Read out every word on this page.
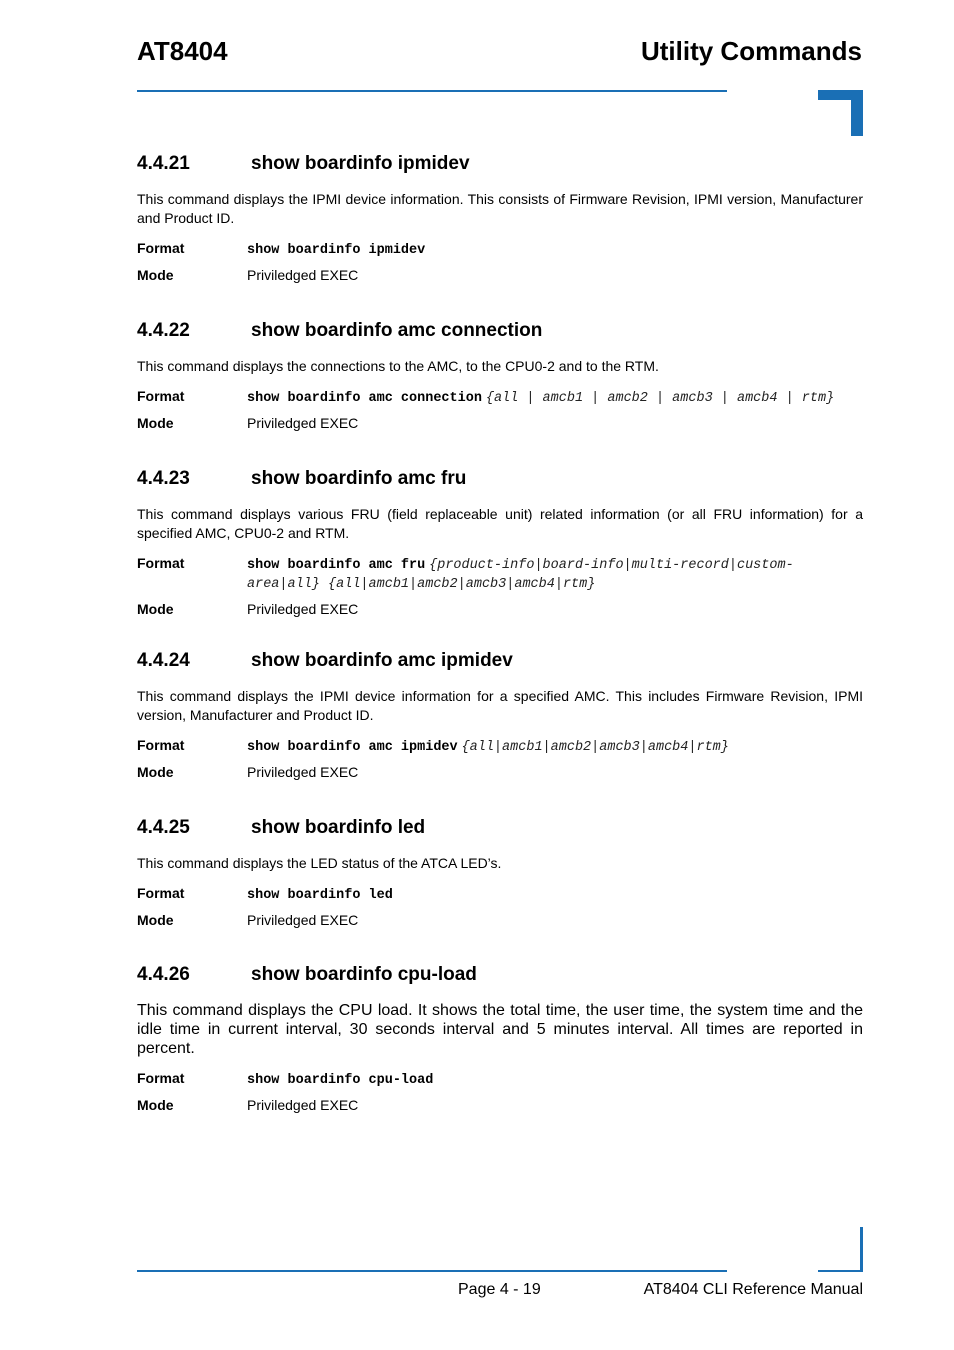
AT8404	Utility Commands
4.4.21	show boardinfo ipmidev
This command displays the IPMI device information. This consists of Firmware Revision, IPMI version, Manufacturer and Product ID.
Format	show boardinfo ipmidev
Mode	Priviledged EXEC
4.4.22	show boardinfo amc connection
This command displays the connections to the AMC, to the CPU0-2 and to the RTM.
Format	show boardinfo amc connection {all | amcb1 | amcb2 | amcb3 | amcb4 | rtm}
Mode	Priviledged EXEC
4.4.23	show boardinfo amc fru
This command displays various FRU (field replaceable unit) related information (or all FRU information) for a specified AMC, CPU0-2 and RTM.
Format	show boardinfo amc fru {product-info|board-info|multi-record|custom-area|all} {all|amcb1|amcb2|amcb3|amcb4|rtm}
Mode	Priviledged EXEC
4.4.24	show boardinfo amc ipmidev
This command displays the IPMI device information for a specified AMC. This includes Firmware Revision, IPMI version, Manufacturer and Product ID.
Format	show boardinfo amc ipmidev {all|amcb1|amcb2|amcb3|amcb4|rtm}
Mode	Priviledged EXEC
4.4.25	show boardinfo led
This command displays the LED status of the ATCA LED’s.
Format	show boardinfo led
Mode	Priviledged EXEC
4.4.26	show boardinfo cpu-load
This command displays the CPU load. It shows the total time, the user time, the system time and the idle time in current interval, 30 seconds interval and 5 minutes interval. All times are reported in percent.
Format	show boardinfo cpu-load
Mode	Priviledged EXEC
Page 4 - 19	AT8404 CLI Reference Manual
